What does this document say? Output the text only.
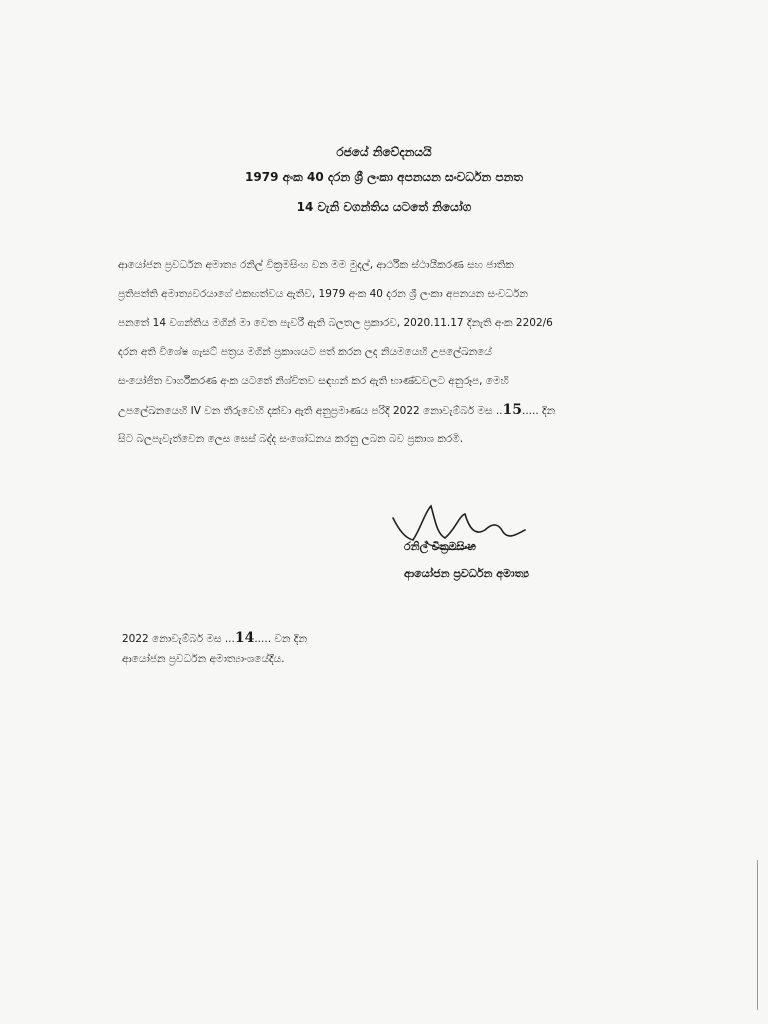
රජයේ නිවේදනයයි
1979 අංක 40 දරන ශ්‍රී ලංකා අපනයන සංවර්ධන පනත
14 වැනි වගන්තිය යටතේ නියෝග
ආයෝජන ප්‍රවර්ධන අමාත්‍ය රනිල් වික්‍රමසිංහ වන මම මුදල්, ආර්ථික ස්ථායීකරණ සහ ජාතික
ප්‍රතිපත්ති අමාත්‍යවරයාගේ එකඟත්වය ඇතිව, 1979 අංක 40 දරන ශ්‍රී ලංකා අපනයන සංවර්ධන
පනතේ 14 වගන්තිය මගින් මා වෙත පැවරී ඇති බලතල ප්‍රකාරව, 2020.11.17 දිනැති අංක 2202/6
දරන අති විශේෂ ගැසට් පත්‍රය මගින් ප්‍රකාශයට පත් කරන ලද නියමයෙහි උපලේඛනයේ
සංයෝජිත වාර්ගීකරණ අංක යටතේ නිශ්චිතව සඳහන් කර ඇති භාණ්ඩවලට අනුරූප, මෙහි
උපලේඛනයෙහි IV වන තීරුවෙහි දක්වා ඇති අනුප්‍රමාණය පරිදි 2022 නොවැම්බර් මස ..15..... දින
සිට බලපැවැත්වෙන ලෙස සෙස් බද්ද සංශෝධනය කරනු ලබන බව ප්‍රකාශ කරමි.
රනිල් වික්‍රමසිංහ
ආයෝජන ප්‍රවර්ධන අමාත්‍ය
2022 නොවැම්බර් මස ...14..... වන දින
ආයෝජන ප්‍රවර්ධන අමාත්‍යාංශයේදීය.
